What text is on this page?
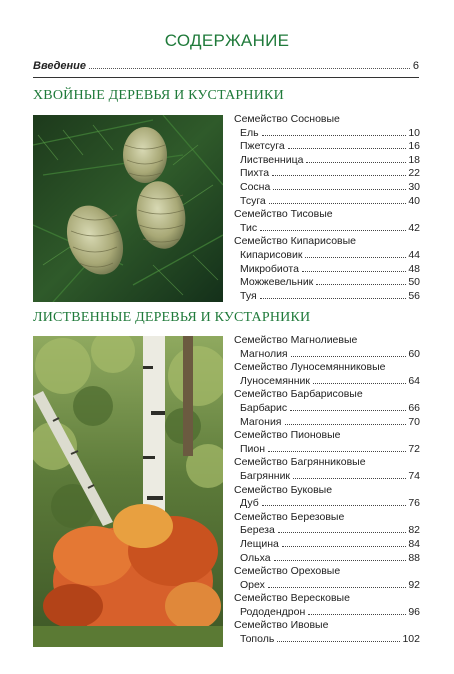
СОДЕРЖАНИЕ
Введение	6
ХВОЙНЫЕ ДЕРЕВЬЯ И КУСТАРНИКИ
Семейство Сосновые
Ель	10
Пжетсуга	16
Лиственница	18
Пихта	22
Сосна	30
Тсуга	40
Семейство Тисовые
Тис	42
Семейство Кипарисовые
Кипарисовик	44
Микробиота	48
Можжевельник	50
Туя	56
ЛИСТВЕННЫЕ ДЕРЕВЬЯ И КУСТАРНИКИ
Семейство Магнолиевые
Магнолия	60
Семейство Луносемянниковые
Луносемянник	64
Семейство Барбарисовые
Барбарис	66
Магония	70
Семейство Пионовые
Пион	72
Семейство Багрянниковые
Багрянник	74
Семейство Буковые
Дуб	76
Семейство Березовые
Береза	82
Лещина	84
Ольха	88
Семейство Ореховые
Орех	92
Семейство Вересковые
Рододендрон	96
Семейство Ивовые
Тополь	102
